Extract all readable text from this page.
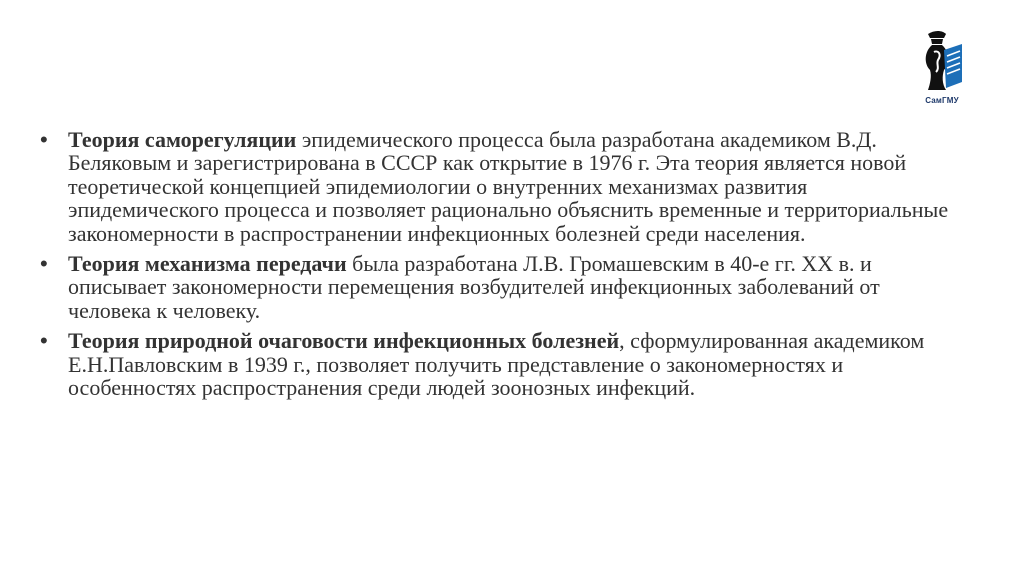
СамГМУ
• Теория саморегуляции эпидемического процесса была разработана академиком В.Д. Беляковым и зарегистрирована в СССР как открытие в 1976 г. Эта теория является новой теоретической концепцией эпидемиологии о внутренних механизмах развития эпидемического процесса и позволяет рационально объяснить временные и территориальные закономерности в распространении инфекционных болезней среди населения.
• Теория механизма передачи была разработана Л.В. Громашевским в 40-е гг. XX в. и описывает закономерности перемещения возбудителей инфекционных заболеваний от человека к человеку.
• Теория природной очаговости инфекционных болезней, сформулированная академиком Е.Н.Павловским в 1939 г., позволяет получить представление о закономерностях и особенностях распространения среди людей зоонозных инфекций.
